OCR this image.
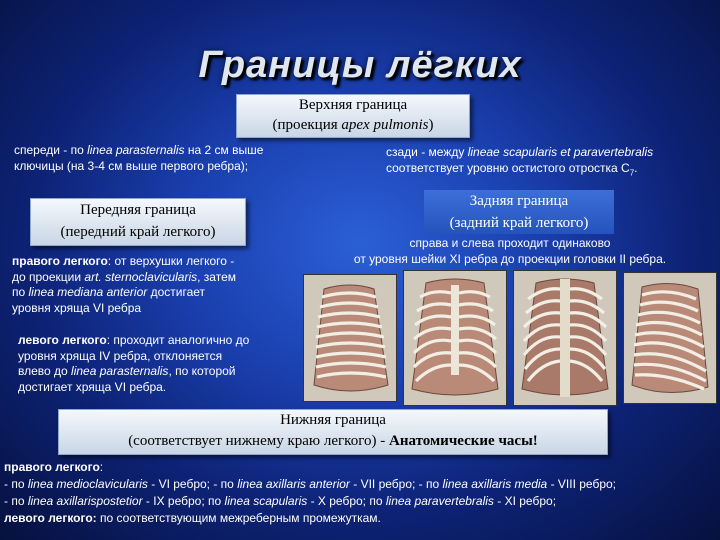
Границы лёгких
Верхняя граница
(проекция apex pulmonis)
спереди - по linea parasternalis на 2 см выше
ключицы (на 3-4 см выше первого ребра);
сзади - между lineae scapularis et paravertebralis
соответствует уровню остистого отростка $С_7$.
Передняя граница
(передний край легкого)
Задняя граница
(задний край легкого)
справа и слева проходит одинаково
от уровня шейки XI ребра до проекции головки II ребра.
правого легкого: от верхушки легкого -
до проекции art. sternoclavicularis, затем
по linea mediana anterior достигает
уровня хряща VI ребра
левого легкого: проходит аналогично до
уровня хряща IV ребра, отклоняется
влево до linea parasternalis, по которой
достигает хряща VI ребра.
Нижняя граница
(соответствует нижнему краю легкого) - Анатомические часы!
правого легкого:
- по linea medioclavicularis - VI ребро; - по linea axillaris anterior - VII ребро; - по linea axillaris media - VIII ребро;
- по linea axillarispostetior - IX ребро; по linea scapularis - X ребро; по linea paravertebralis - XI ребро;
левого легкого: по соответствующим межреберным промежуткам.
